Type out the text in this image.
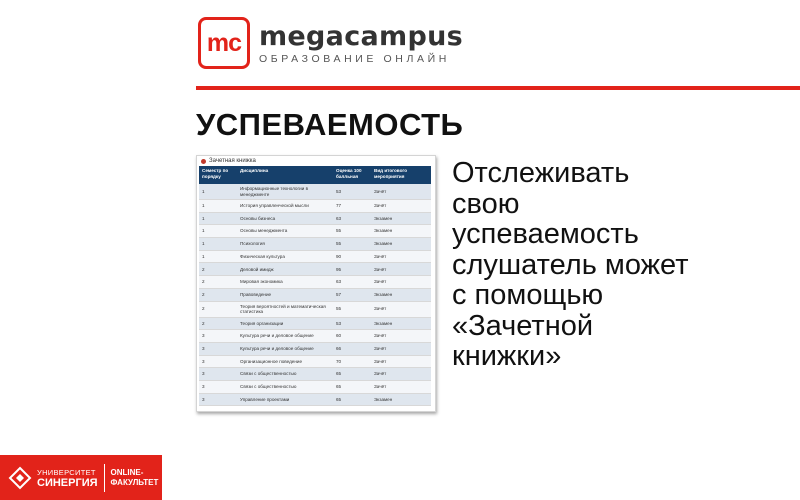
mc megacampus
ОБРАЗОВАНИЕ ОНЛАЙН
УСПЕВАЕМОСТЬ
Зачетная книжка
Семестр по порядку	Дисциплина	Оценка 100 балльная	Вид итогового мероприятия
1	Информационные технологии в менеджменте	53	Зачёт
1	История управленческой мысли	77	Зачёт
1	Основы бизнеса	63	Экзамен
1	Основы менеджмента	55	Экзамен
1	Психология	55	Экзамен
1	Физическая культура	90	Зачёт
2	Деловой имидж	95	Зачёт
2	Мировая экономика	63	Зачёт
2	Правоведение	57	Экзамен
2	Теория вероятностей и математическая статистика	55	Зачёт
2	Теория организации	53	Экзамен
3	Культура речи и деловое общение	60	Зачёт
3	Культура речи и деловое общение	66	Зачёт
3	Организационное поведение	70	Зачёт
3	Связи с общественностью	65	Зачёт
3	Связи с общественностью	65	Зачёт
3	Управление проектами	65	Экзамен
Отслеживать
свою
успеваемость
слушатель может
с помощью
«Зачетной
книжки»
УНИВЕРСИТЕТ
СИНЕРГИЯ
ONLINE-
ФАКУЛЬТЕТ
